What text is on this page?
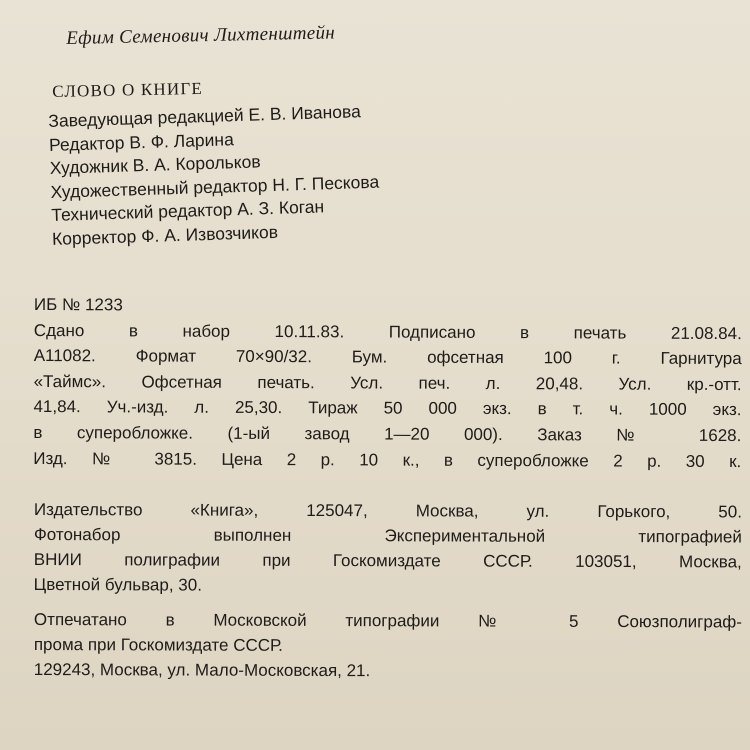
Ефим Семенович Лихтенштейн
СЛОВО О КНИГЕ
Заведующая редакцией Е. В. Иванова
Редактор В. Ф. Ларина
Художник В. А. Корольков
Художественный редактор Н. Г. Пескова
Технический редактор А. З. Коган
Корректор Ф. А. Извозчиков
ИБ № 1233
Сдано в набор 10.11.83. Подписано в печать 21.08.84.
А11082. Формат 70×90/32. Бум. офсетная 100 г. Гарнитура
«Таймс». Офсетная печать. Усл. печ. л. 20,48. Усл. кр.-отт.
41,84. Уч.-изд. л. 25,30. Тираж 50 000 экз. в т. ч. 1000 экз.
в суперобложке. (1-ый завод 1—20 000). Заказ № 1628.
Изд. № 3815. Цена 2 р. 10 к., в суперобложке 2 р. 30 к.
Издательство «Книга», 125047, Москва, ул. Горького, 50.
Фотонабор выполнен Экспериментальной типографией
ВНИИ полиграфии при Госкомиздате СССР. 103051, Москва,
Цветной бульвар, 30.
Отпечатано в Московской типографии № 5 Союзполиграф-
прома при Госкомиздате СССР.
129243, Москва, ул. Мало-Московская, 21.
